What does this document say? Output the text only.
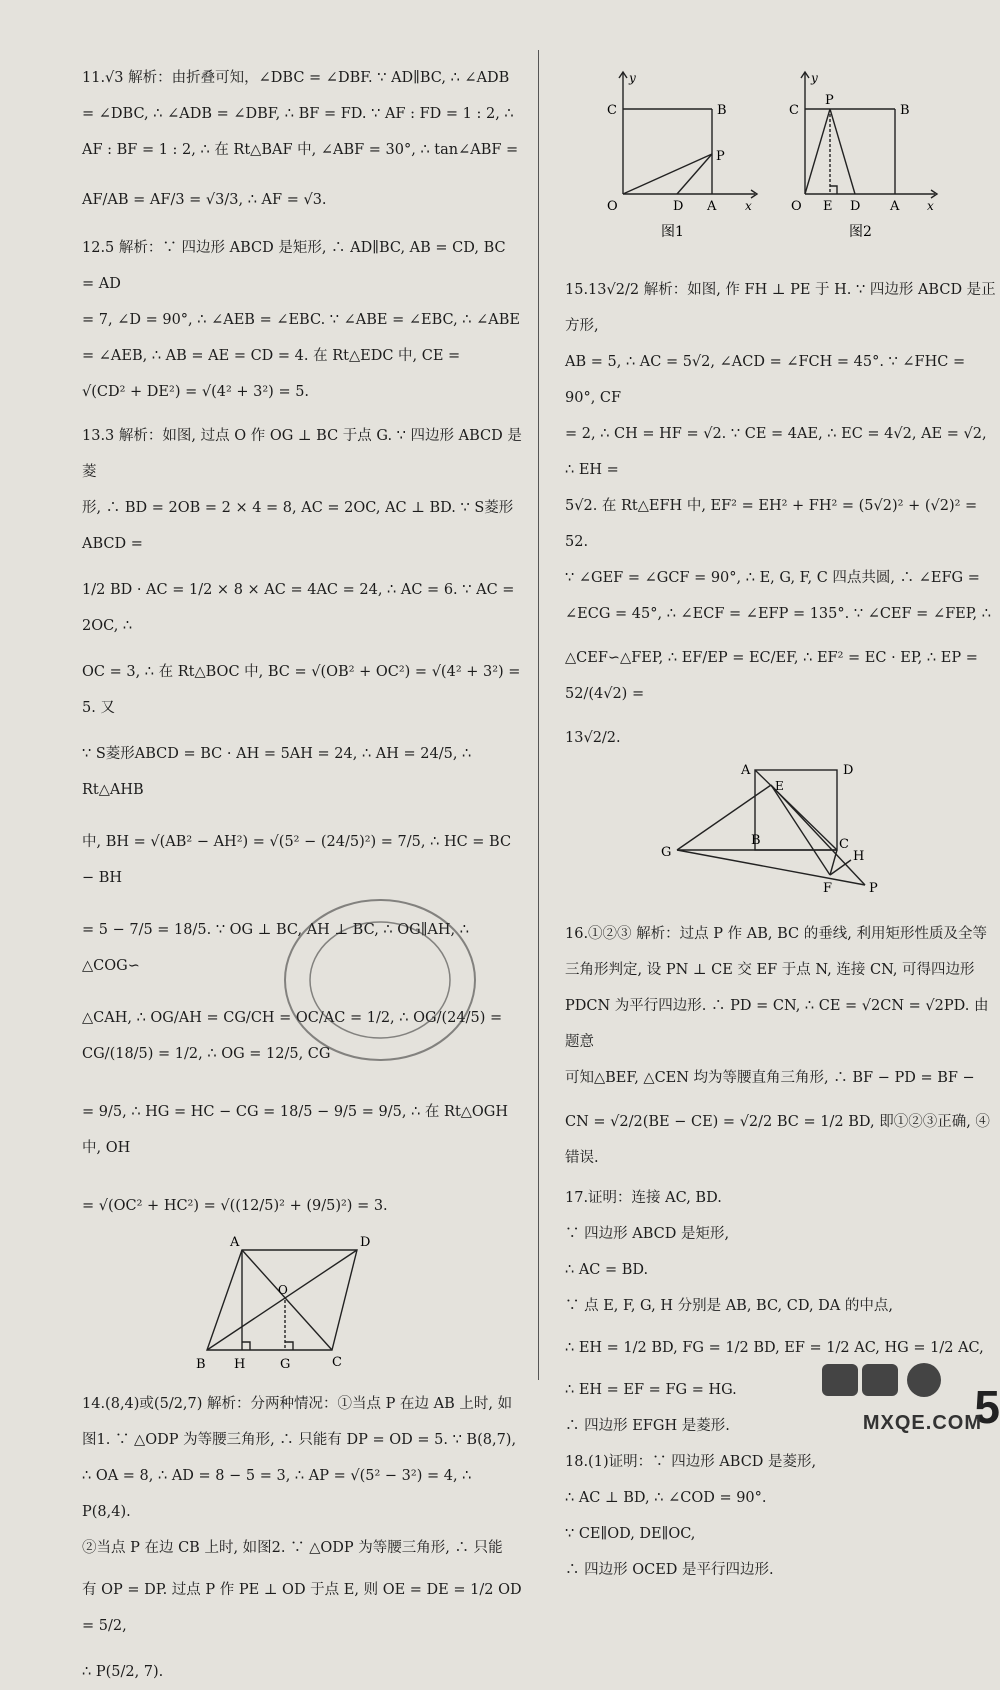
11.√3 解析：由折叠可知，∠DBC = ∠DBF. ∵ AD∥BC, ∴ ∠ADB

= ∠DBC, ∴ ∠ADB = ∠DBF, ∴ BF = FD. ∵ AF : FD = 1 : 2, ∴

AF : BF = 1 : 2, ∴ 在 Rt△BAF 中, ∠ABF = 30°, ∴ tan∠ABF =

AF/AB = AF/3 = √3/3, ∴ AF = √3.

12.5 解析：∵ 四边形 ABCD 是矩形, ∴ AD∥BC, AB = CD, BC = AD

= 7, ∠D = 90°, ∴ ∠AEB = ∠EBC. ∵ ∠ABE = ∠EBC, ∴ ∠ABE

= ∠AEB, ∴ AB = AE = CD = 4. 在 Rt△EDC 中, CE =

√(CD² + DE²) = √(4² + 3²) = 5.

13.3 解析：如图, 过点 O 作 OG ⊥ BC 于点 G. ∵ 四边形 ABCD 是菱

形, ∴ BD = 2OB = 2 × 4 = 8, AC = 2OC, AC ⊥ BD. ∵ S菱形ABCD =

1/2 BD · AC = 1/2 × 8 × AC = 4AC = 24, ∴ AC = 6. ∵ AC = 2OC, ∴

OC = 3, ∴ 在 Rt△BOC 中, BC = √(OB² + OC²) = √(4² + 3²) = 5. 又

∵ S菱形ABCD = BC · AH = 5AH = 24, ∴ AH = 24/5, ∴ Rt△AHB

中, BH = √(AB² − AH²) = √(5² − (24/5)²) = 7/5, ∴ HC = BC − BH

= 5 − 7/5 = 18/5. ∵ OG ⊥ BC, AH ⊥ BC, ∴ OG∥AH, ∴ △COG∽

△CAH, ∴ OG/AH = CG/CH = OC/AC = 1/2, ∴ OG/(24/5) = CG/(18/5) = 1/2, ∴ OG = 12/5, CG

= 9/5, ∴ HG = HC − CG = 18/5 − 9/5 = 9/5, ∴ 在 Rt△OGH 中, OH

= √(OC² + HC²) = √((12/5)² + (9/5)²) = 3.

A	D
O
B H	G	C

14.(8,4)或(5/2,7) 解析：分两种情况：①当点 P 在边 AB 上时, 如

图1. ∵ △ODP 为等腰三角形, ∴ 只能有 DP = OD = 5. ∵ B(8,7),

∴ OA = 8, ∴ AD = 8 − 5 = 3, ∴ AP = √(5² − 3²) = 4, ∴ P(8,4).

②当点 P 在边 CB 上时, 如图2. ∵ △ODP 为等腰三角形, ∴ 只能

有 OP = DP. 过点 P 作 PE ⊥ OD 于点 E, 则 OE = DE = 1/2 OD = 5/2,

∴ P(5/2, 7).

y
C	B
P
O	D A x
图1
y
C
P
B
O E D A x
图2

15.13√2/2 解析：如图, 作 FH ⊥ PE 于 H. ∵ 四边形 ABCD 是正方形,

AB = 5, ∴ AC = 5√2, ∠ACD = ∠FCH = 45°. ∵ ∠FHC = 90°, CF

= 2, ∴ CH = HF = √2. ∵ CE = 4AE, ∴ EC = 4√2, AE = √2, ∴ EH =

5√2. 在 Rt△EFH 中, EF² = EH² + FH² = (5√2)² + (√2)² = 52.

∵ ∠GEF = ∠GCF = 90°, ∴ E, G, F, C 四点共圆, ∴ ∠EFG =

∠ECG = 45°, ∴ ∠ECF = ∠EFP = 135°. ∵ ∠CEF = ∠FEP, ∴

△CEF∽△FEP, ∴ EF/EP = EC/EF, ∴ EF² = EC · EP, ∴ EP = 52/(4√2) =

13√2/2.

A	D
E
B	C
H
G
F	P

16.①②③ 解析：过点 P 作 AB, BC 的垂线, 利用矩形性质及全等

三角形判定, 设 PN ⊥ CE 交 EF 于点 N, 连接 CN, 可得四边形

PDCN 为平行四边形. ∴ PD = CN, ∴ CE = √2CN = √2PD. 由题意

可知△BEF, △CEN 均为等腰直角三角形, ∴ BF − PD = BF −

CN = √2/2(BE − CE) = √2/2 BC = 1/2 BD, 即①②③正确, ④错误.

17.证明：连接 AC, BD.

∵ 四边形 ABCD 是矩形,

∴ AC = BD.

∵ 点 E, F, G, H 分别是 AB, BC, CD, DA 的中点,

∴ EH = 1/2 BD, FG = 1/2 BD, EF = 1/2 AC, HG = 1/2 AC,

∴ EH = EF = FG = HG.

∴ 四边形 EFGH 是菱形.

18.(1)证明：∵ 四边形 ABCD 是菱形,

∴ AC ⊥ BD, ∴ ∠COD = 90°.

∵ CE∥OD, DE∥OC,

∴ 四边形 OCED 是平行四边形.

5
MXQE.COM
